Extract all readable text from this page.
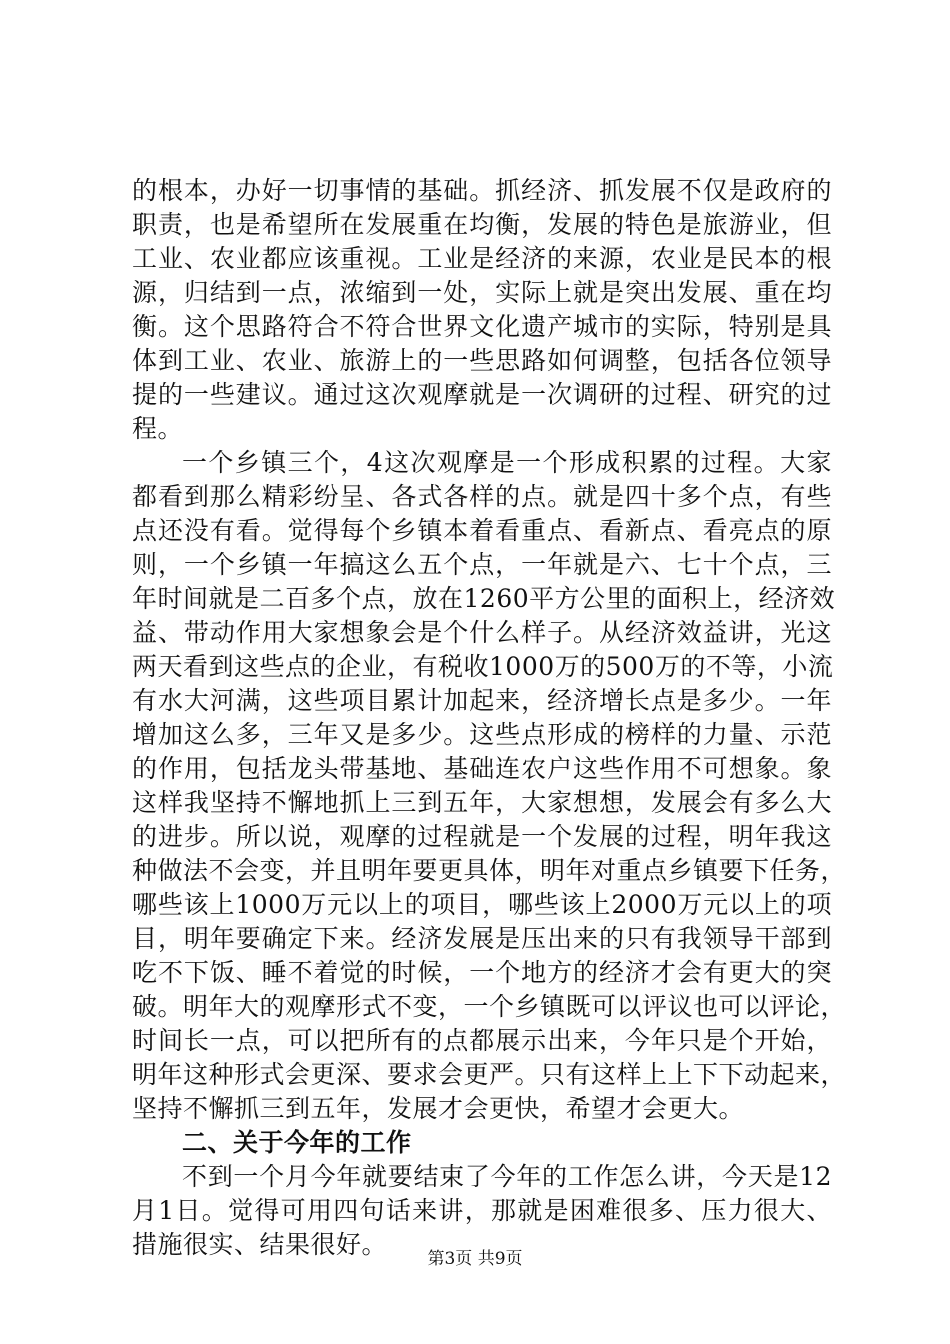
的根本，办好一切事情的基础。抓经济、抓发展不仅是政府的
职责，也是希望所在发展重在均衡，发展的特色是旅游业，但
工业、农业都应该重视。工业是经济的来源，农业是民本的根
源，归结到一点，浓缩到一处，实际上就是突出发展、重在均
衡。这个思路符合不符合世界文化遗产城市的实际，特别是具
体到工业、农业、旅游上的一些思路如何调整，包括各位领导
提的一些建议。通过这次观摩就是一次调研的过程、研究的过
程。
一个乡镇三个，4这次观摩是一个形成积累的过程。大家
都看到那么精彩纷呈、各式各样的点。就是四十多个点，有些
点还没有看。觉得每个乡镇本着看重点、看新点、看亮点的原
则，一个乡镇一年搞这么五个点，一年就是六、七十个点，三
年时间就是二百多个点，放在1260平方公里的面积上，经济效
益、带动作用大家想象会是个什么样子。从经济效益讲，光这
两天看到这些点的企业，有税收1000万的500万的不等，小流
有水大河满，这些项目累计加起来，经济增长点是多少。一年
增加这么多，三年又是多少。这些点形成的榜样的力量、示范
的作用，包括龙头带基地、基础连农户这些作用不可想象。象
这样我坚持不懈地抓上三到五年，大家想想，发展会有多么大
的进步。所以说，观摩的过程就是一个发展的过程，明年我这
种做法不会变，并且明年要更具体，明年对重点乡镇要下任务，
哪些该上1000万元以上的项目，哪些该上2000万元以上的项
目，明年要确定下来。经济发展是压出来的只有我领导干部到
吃不下饭、睡不着觉的时候，一个地方的经济才会有更大的突
破。明年大的观摩形式不变，一个乡镇既可以评议也可以评论，
时间长一点，可以把所有的点都展示出来，今年只是个开始，
明年这种形式会更深、要求会更严。只有这样上上下下动起来，
坚持不懈抓三到五年，发展才会更快，希望才会更大。
二、关于今年的工作
不到一个月今年就要结束了今年的工作怎么讲，今天是12
月1日。觉得可用四句话来讲，那就是困难很多、压力很大、
措施很实、结果很好。	第3页 共9页
